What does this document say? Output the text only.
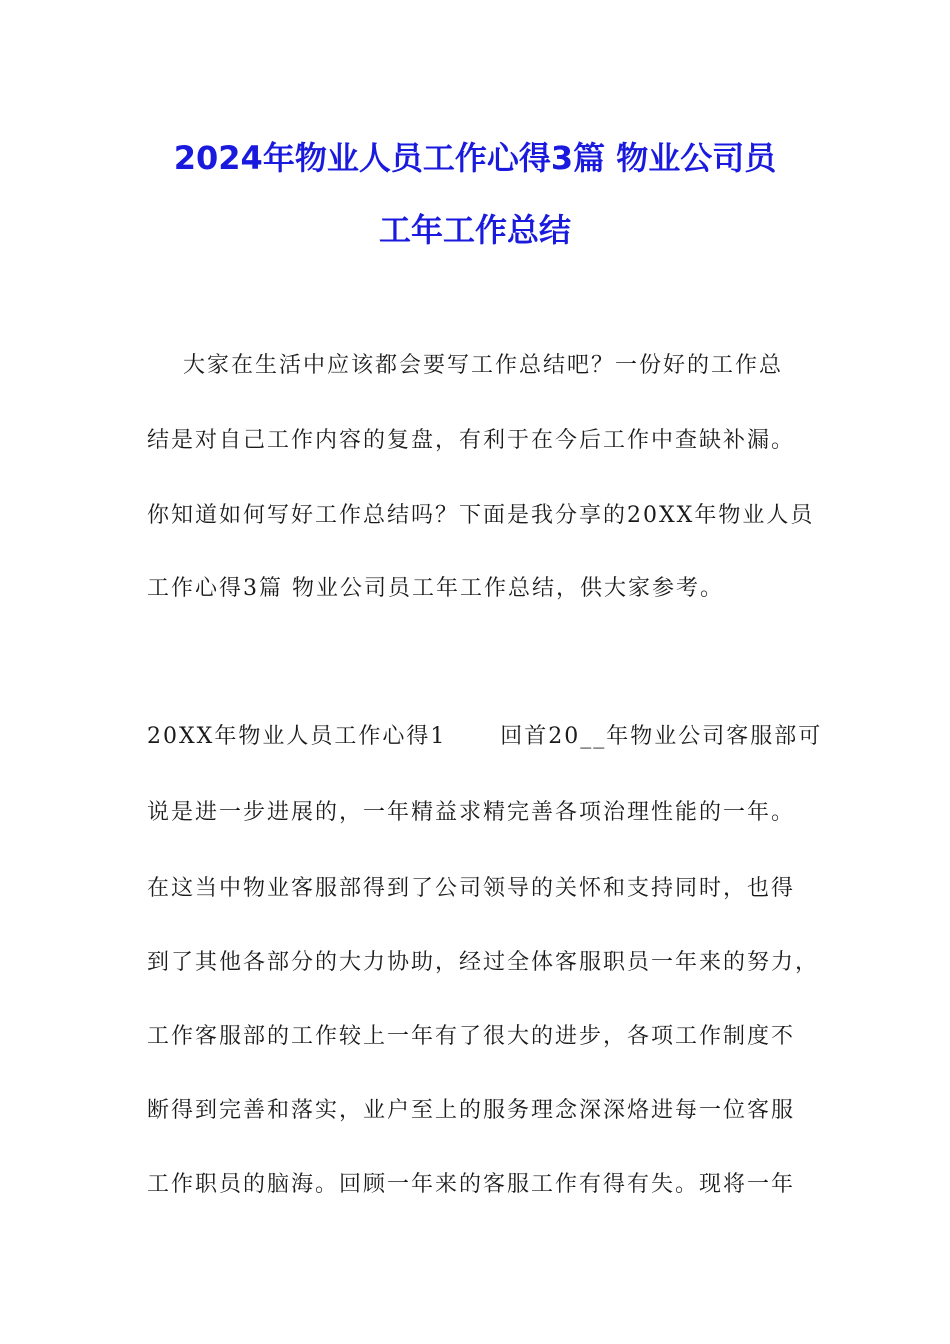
2024年物业人员工作心得3篇 物业公司员
工年工作总结
大家在生活中应该都会要写工作总结吧？一份好的工作总
结是对自己工作内容的复盘，有利于在今后工作中查缺补漏。
你知道如何写好工作总结吗？下面是我分享的20XX年物业人员
工作心得3篇 物业公司员工年工作总结，供大家参考。
20XX年物业人员工作心得1      回首20__年物业公司客服部可
说是进一步进展的，一年精益求精完善各项治理性能的一年。
在这当中物业客服部得到了公司领导的关怀和支持同时，也得
到了其他各部分的大力协助，经过全体客服职员一年来的努力，
工作客服部的工作较上一年有了很大的进步，各项工作制度不
断得到完善和落实，业户至上的服务理念深深烙进每一位客服
工作职员的脑海。回顾一年来的客服工作有得有失。现将一年
